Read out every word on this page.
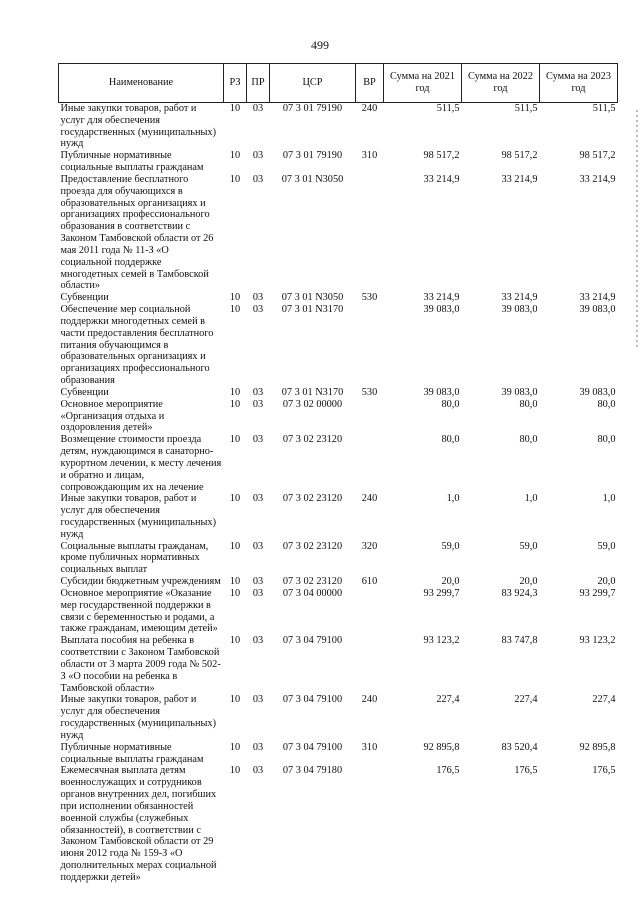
499
Наименование	РЗ	ПР	ЦСР	ВР	Сумма на 2021 год	Сумма на 2022 год	Сумма на 2023 год
Иные закупки товаров, работ и услуг для обеспечения государственных (муниципальных) нужд	10	03	07 3 01 79190	240	511,5	511,5	511,5
Публичные нормативные социальные выплаты гражданам	10	03	07 3 01 79190	310	98 517,2	98 517,2	98 517,2
Предоставление бесплатного проезда для обучающихся в образовательных организациях и организациях профессионального образования в соответствии с Законом Тамбовской области от 26 мая 2011 года № 11-З «О социальной поддержке многодетных семей в Тамбовской области»	10	03	07 3 01 N3050		33 214,9	33 214,9	33 214,9
Субвенции	10	03	07 3 01 N3050	530	33 214,9	33 214,9	33 214,9
Обеспечение мер социальной поддержки многодетных семей в части предоставления бесплатного питания обучающимся в образовательных организациях и организациях профессионального образования	10	03	07 3 01 N3170		39 083,0	39 083,0	39 083,0
Субвенции	10	03	07 3 01 N3170	530	39 083,0	39 083,0	39 083,0
Основное мероприятие «Организация отдыха и оздоровления детей»	10	03	07 3 02 00000		80,0	80,0	80,0
Возмещение стоимости проезда детям, нуждающимся в санаторно-курортном лечении, к месту лечения и обратно и лицам, сопровождающим их на лечение	10	03	07 3 02 23120		80,0	80,0	80,0
Иные закупки товаров, работ и услуг для обеспечения государственных (муниципальных) нужд	10	03	07 3 02 23120	240	1,0	1,0	1,0
Социальные выплаты гражданам, кроме публичных нормативных социальных выплат	10	03	07 3 02 23120	320	59,0	59,0	59,0
Субсидии бюджетным учреждениям	10	03	07 3 02 23120	610	20,0	20,0	20,0
Основное мероприятие «Оказание мер государственной поддержки в связи с беременностью и родами, а также гражданам, имеющим детей»	10	03	07 3 04 00000		93 299,7	83 924,3	93 299,7
Выплата пособия на ребенка в соответствии с Законом Тамбовской области от 3 марта 2009 года № 502-З «О пособии на ребенка в Тамбовской области»	10	03	07 3 04 79100		93 123,2	83 747,8	93 123,2
Иные закупки товаров, работ и услуг для обеспечения государственных (муниципальных) нужд	10	03	07 3 04 79100	240	227,4	227,4	227,4
Публичные нормативные социальные выплаты гражданам	10	03	07 3 04 79100	310	92 895,8	83 520,4	92 895,8
Ежемесячная выплата детям военнослужащих и сотрудников органов внутренних дел, погибших при исполнении обязанностей военной службы (служебных обязанностей), в соответствии с Законом Тамбовской области от 29 июня 2012 года № 159-З «О дополнительных мерах социальной поддержки детей»	10	03	07 3 04 79180		176,5	176,5	176,5
